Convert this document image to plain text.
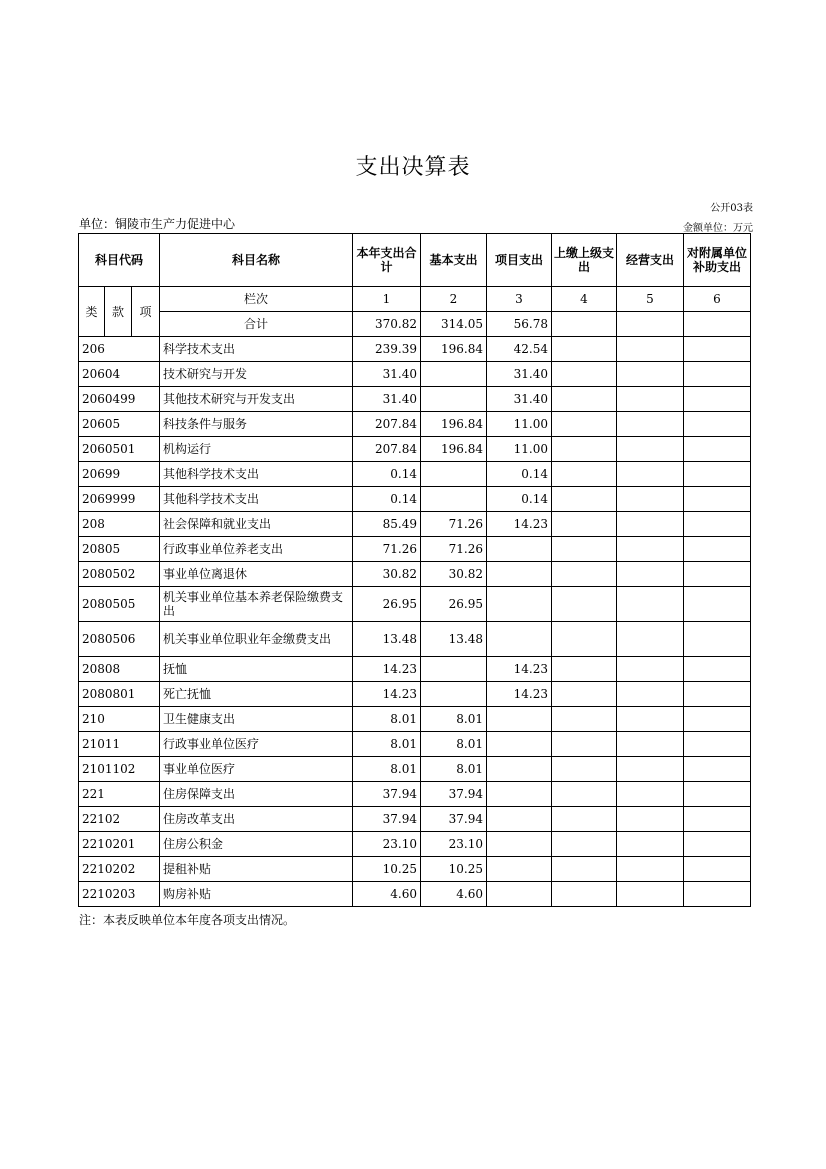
支出决算表
公开03表
单位：铜陵市生产力促进中心	金额单位：万元
科目代码			科目名称	本年支出合计	基本支出	项目支出	上缴上级支出	经营支出	对附属单位补助支出
类	款	项	栏次	1	2	3	4	5	6
			合计	370.82	314.05	56.78			
206			科学技术支出	239.39	196.84	42.54			
20604			技术研究与开发	31.40		31.40			
2060499			其他技术研究与开发支出	31.40		31.40			
20605			科技条件与服务	207.84	196.84	11.00			
2060501			机构运行	207.84	196.84	11.00			
20699			其他科学技术支出	0.14		0.14			
2069999			其他科学技术支出	0.14		0.14			
208			社会保障和就业支出	85.49	71.26	14.23			
20805			行政事业单位养老支出	71.26	71.26				
2080502			事业单位离退休	30.82	30.82				
2080505			机关事业单位基本养老保险缴费支出	26.95	26.95				
2080506			机关事业单位职业年金缴费支出	13.48	13.48				
20808			抚恤	14.23		14.23			
2080801			死亡抚恤	14.23		14.23			
210			卫生健康支出	8.01	8.01				
21011			行政事业单位医疗	8.01	8.01				
2101102			事业单位医疗	8.01	8.01				
221			住房保障支出	37.94	37.94				
22102			住房改革支出	37.94	37.94				
2210201			住房公积金	23.10	23.10				
2210202			提租补贴	10.25	10.25				
2210203			购房补贴	4.60	4.60				
注：本表反映单位本年度各项支出情况。
